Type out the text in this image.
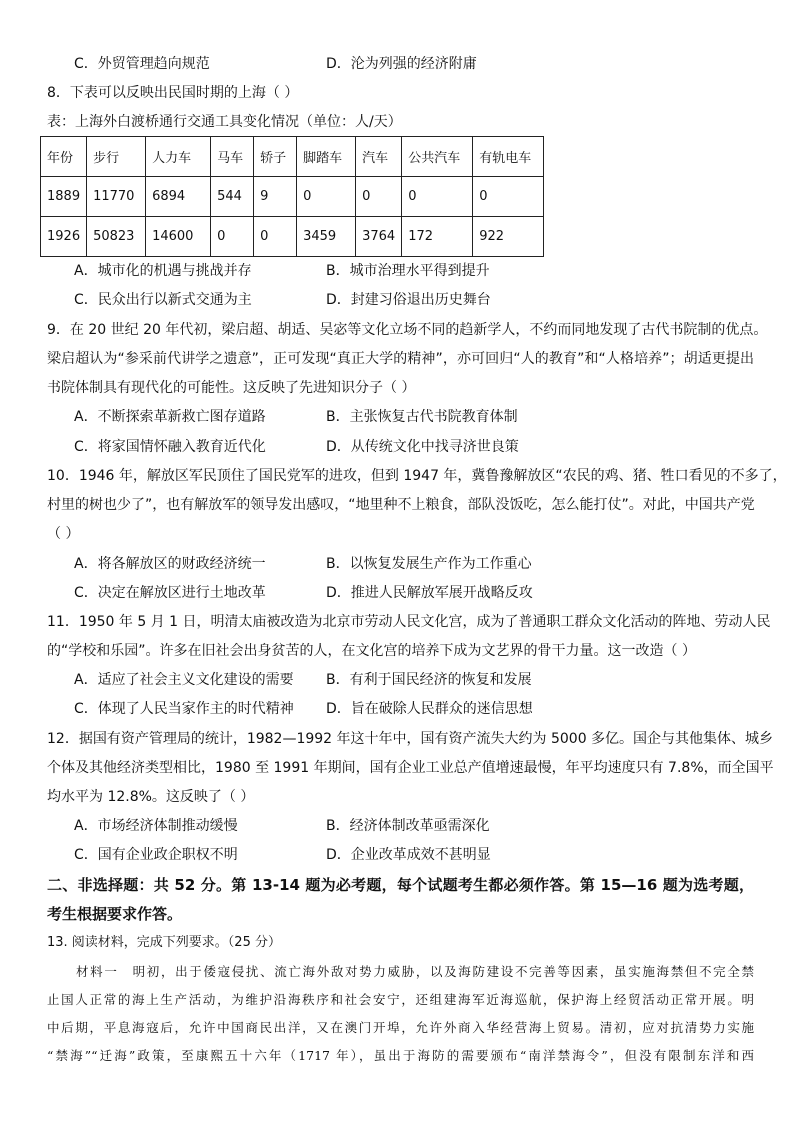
C．外贸管理趋向规范	D．沦为列强的经济附庸
8．下表可以反映出民国时期的上海（ ）
表：上海外白渡桥通行交通工具变化情况（单位：人/天）
年份	步行	人力车	马车	轿子	脚踏车	汽车	公共汽车	有轨电车
1889	11770	6894	544	9	0	0	0	0
1926	50823	14600	0	0	3459	3764	172	922
A．城市化的机遇与挑战并存	B．城市治理水平得到提升
C．民众出行以新式交通为主	D．封建习俗退出历史舞台
9．在 20 世纪 20 年代初，梁启超、胡适、吴宓等文化立场不同的趋新学人，不约而同地发现了古代书院制的优点。
梁启超认为“参采前代讲学之遗意”，正可发现“真正大学的精神”，亦可回归“人的教育”和“人格培养”；胡适更提出
书院体制具有现代化的可能性。这反映了先进知识分子（ ）
A．不断探索革新救亡图存道路	B．主张恢复古代书院教育体制
C．将家国情怀融入教育近代化	D．从传统文化中找寻济世良策
10．1946 年，解放区军民顶住了国民党军的进攻，但到 1947 年，冀鲁豫解放区“农民的鸡、猪、牲口看见的不多了，
村里的树也少了”，也有解放军的领导发出感叹，“地里种不上粮食，部队没饭吃，怎么能打仗”。对此，中国共产党
（ ）
A．将各解放区的财政经济统一	B．以恢复发展生产作为工作重心
C．决定在解放区进行土地改革	D．推进人民解放军展开战略反攻
11．1950 年 5 月 1 日，明清太庙被改造为北京市劳动人民文化宫，成为了普通职工群众文化活动的阵地、劳动人民
的“学校和乐园”。许多在旧社会出身贫苦的人，在文化宫的培养下成为文艺界的骨干力量。这一改造（ ）
A．适应了社会主义文化建设的需要 B．有利于国民经济的恢复和发展
C．体现了人民当家作主的时代精神 D．旨在破除人民群众的迷信思想
12．据国有资产管理局的统计，1982—1992 年这十年中，国有资产流失大约为 5000 多亿。国企与其他集体、城乡
个体及其他经济类型相比，1980 至 1991 年期间，国有企业工业总产值增速最慢，年平均速度只有 7.8%，而全国平
均水平为 12.8%。这反映了（ ）
A．市场经济体制推动缓慢	B．经济体制改革亟需深化
C．国有企业政企职权不明	D．企业改革成效不甚明显
二、非选择题：共 52 分。第 13-14 题为必考题，每个试题考生都必须作答。第 15—16 题为选考题，
考生根据要求作答。
13. 阅读材料，完成下列要求。（25 分）
材料一　明初，出于倭寇侵扰、流亡海外敌对势力威胁，以及海防建设不完善等因素，虽实施海禁但不完全禁
止国人正常的海上生产活动，为维护沿海秩序和社会安宁，还组建海军近海巡航，保护海上经贸活动正常开展。明
中后期，平息海寇后，允许中国商民出洋，又在澳门开埠，允许外商入华经营海上贸易。清初，应对抗清势力实施
“禁海”“迁海”政策，至康熙五十六年（1717 年），虽出于海防的需要颁布“南洋禁海令”，但没有限制东洋和西
